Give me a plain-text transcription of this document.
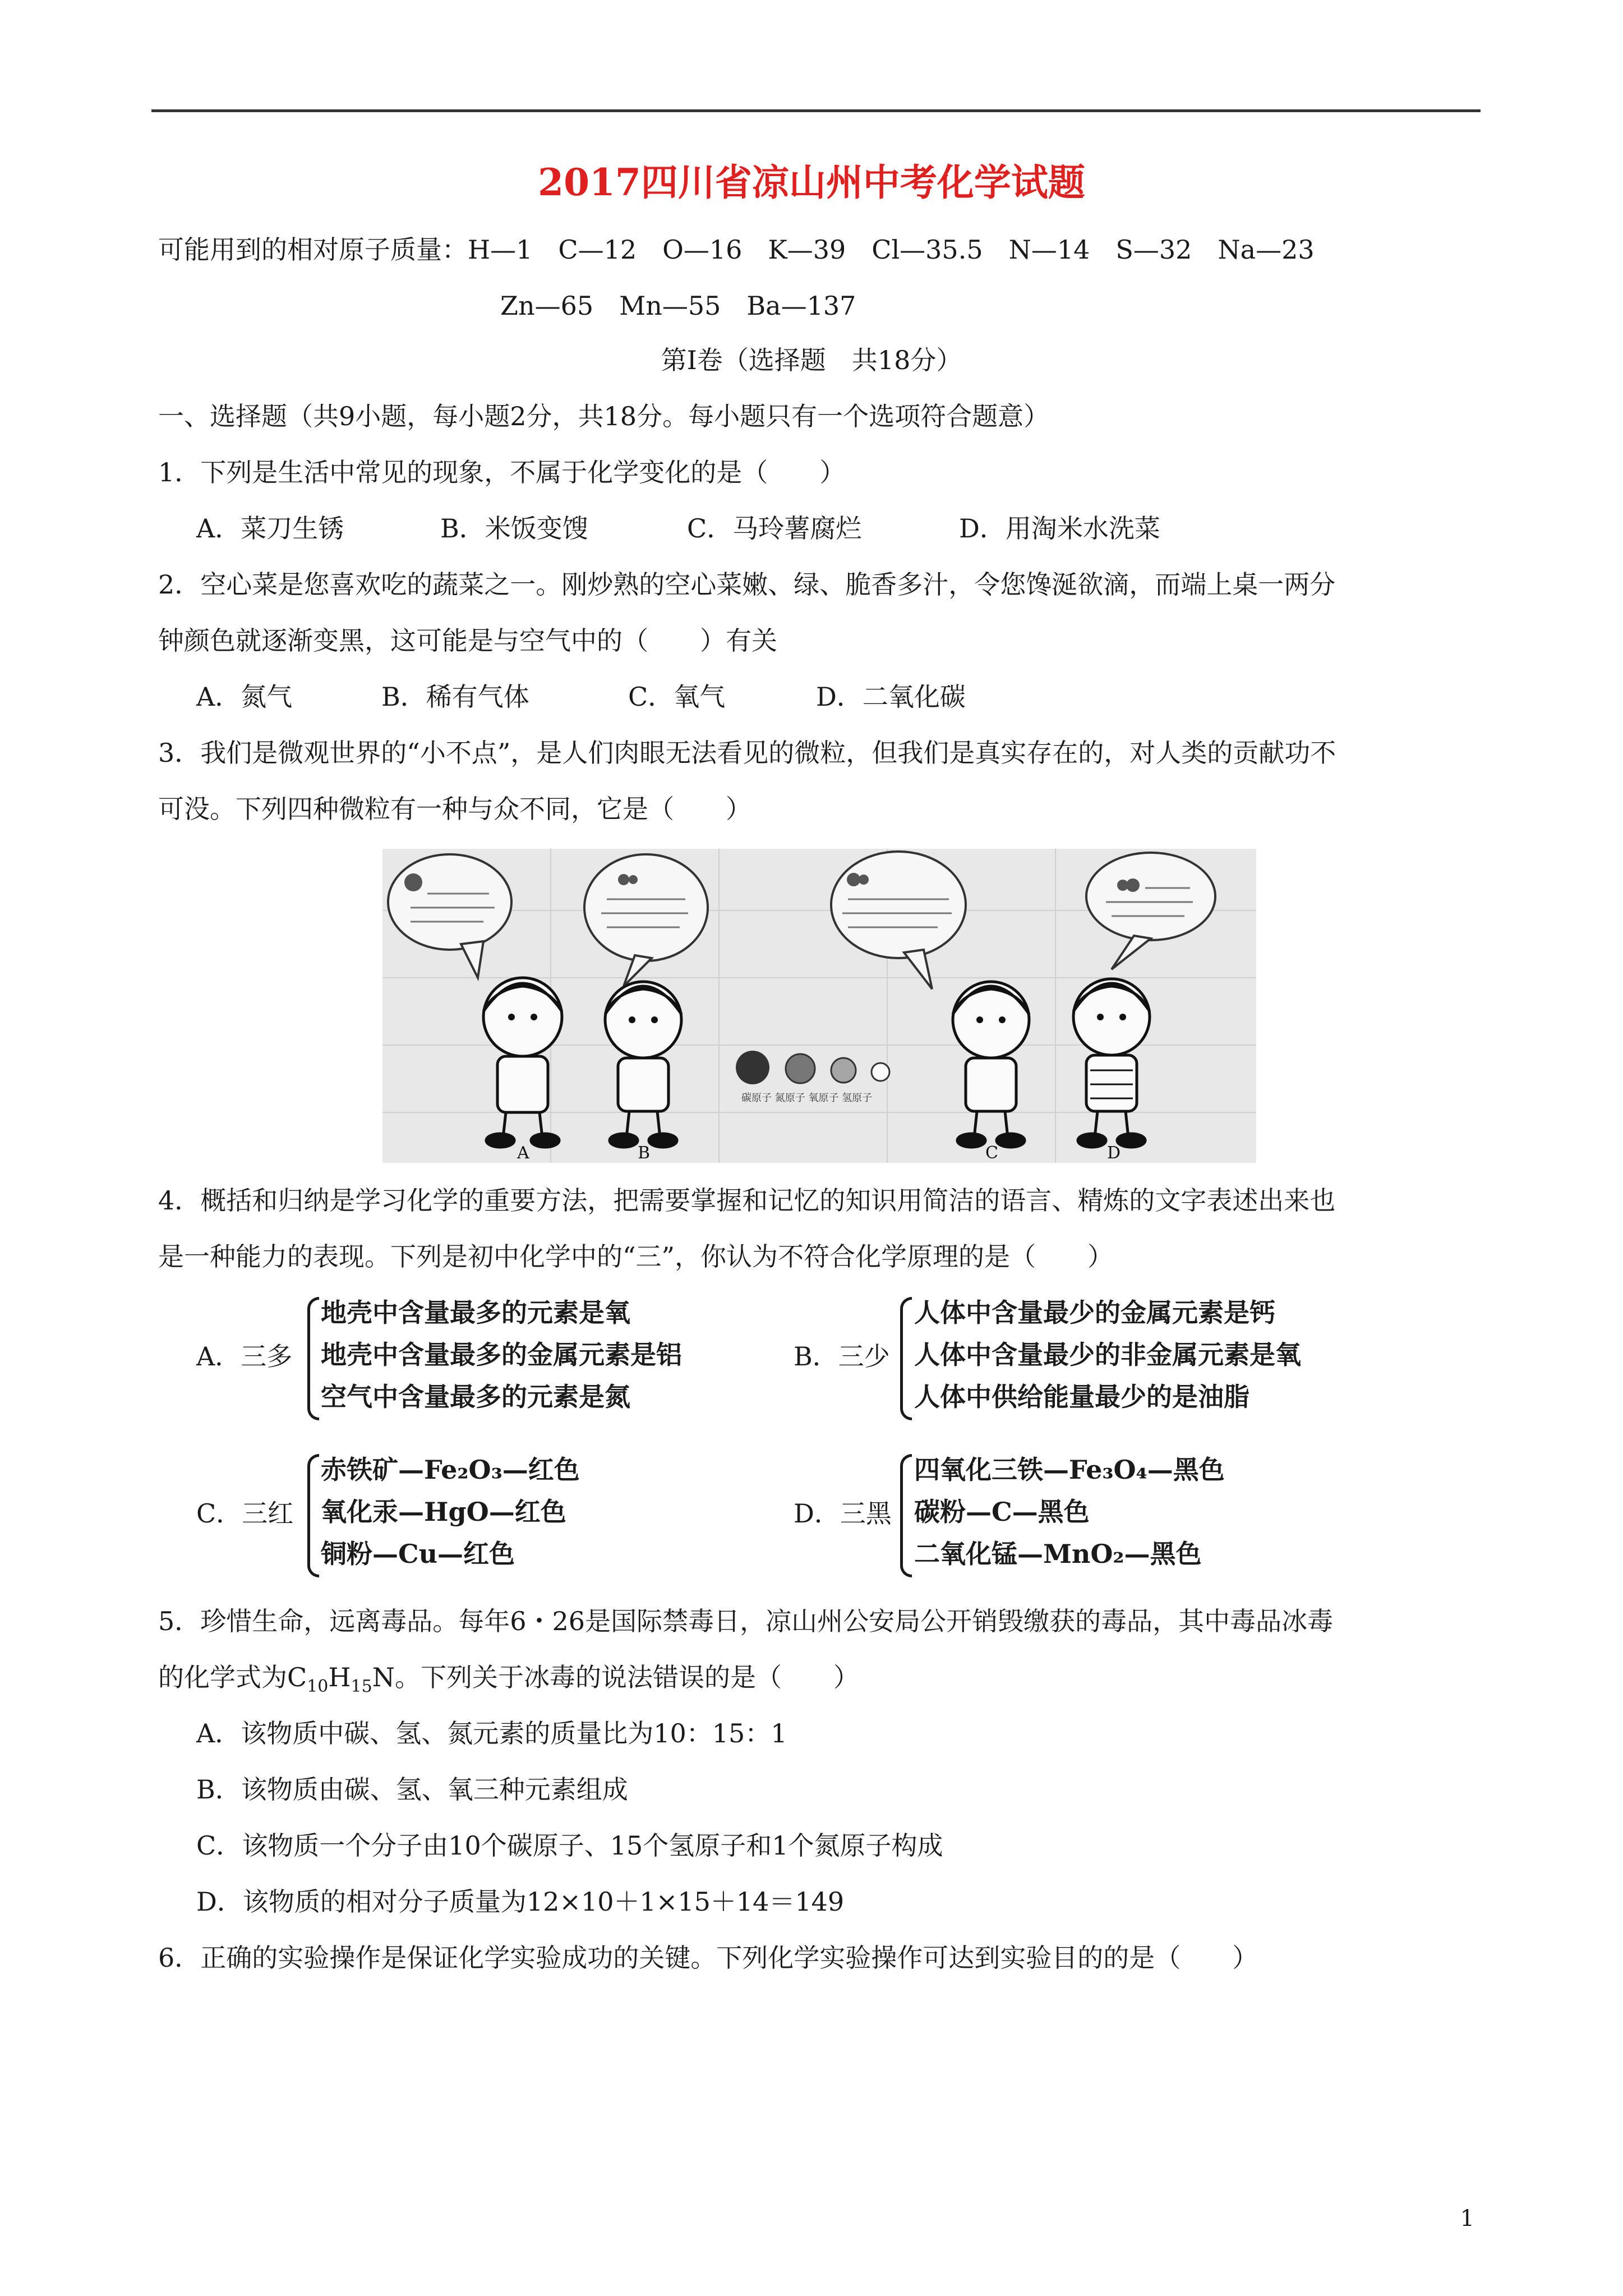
2017四川省凉山州中考化学试题
可能用到的相对原子质量：H—1　C—12　O—16　K—39　Cl—35.5　N—14　S—32　Na—23
Zn—65　Mn—55　Ba—137
第Ⅰ卷（选择题　共18分）
一、选择题（共9小题，每小题2分，共18分。每小题只有一个选项符合题意）
1．下列是生活中常见的现象，不属于化学变化的是（　　）
A．菜刀生锈	B．米饭变馊	C．马玲薯腐烂	D．用淘米水洗菜
2．空心菜是您喜欢吃的蔬菜之一。刚炒熟的空心菜嫩、绿、脆香多汁，令您馋涎欲滴，而端上桌一两分
钟颜色就逐渐变黑，这可能是与空气中的（　　）有关
A．氮气	B．稀有气体	C．氧气	D．二氧化碳
3．我们是微观世界的“小不点”，是人们肉眼无法看见的微粒，但我们是真实存在的，对人类的贡献功不
可没。下列四种微粒有一种与众不同，它是（　　）
碳原子 氮原子 氧原子 氢原子
A	B	C	D
4．概括和归纳是学习化学的重要方法，把需要掌握和记忆的知识用简洁的语言、精炼的文字表述出来也
是一种能力的表现。下列是初中化学中的“三”，你认为不符合化学原理的是（　　）
A．三多
地壳中含量最多的元素是氧
地壳中含量最多的金属元素是铝
空气中含量最多的元素是氮
B．三少
人体中含量最少的金属元素是钙
人体中含量最少的非金属元素是氧
人体中供给能量最少的是油脂
C．三红
赤铁矿—Fe₂O₃—红色
氧化汞—HgO—红色
铜粉—Cu—红色
D．三黑
四氧化三铁—Fe₃O₄—黑色
碳粉—C—黑色
二氧化锰—MnO₂—黑色
5．珍惜生命，远离毒品。每年6・26是国际禁毒日，凉山州公安局公开销毁缴获的毒品，其中毒品冰毒
的化学式为$C_{10}H_{15}N$。下列关于冰毒的说法错误的是（　　）
A．该物质中碳、氢、氮元素的质量比为10：15：1
B．该物质由碳、氢、氧三种元素组成
C．该物质一个分子由10个碳原子、15个氢原子和1个氮原子构成
D．该物质的相对分子质量为12×10＋1×15＋14＝149
6．正确的实验操作是保证化学实验成功的关键。下列化学实验操作可达到实验目的的是（　　）
1
